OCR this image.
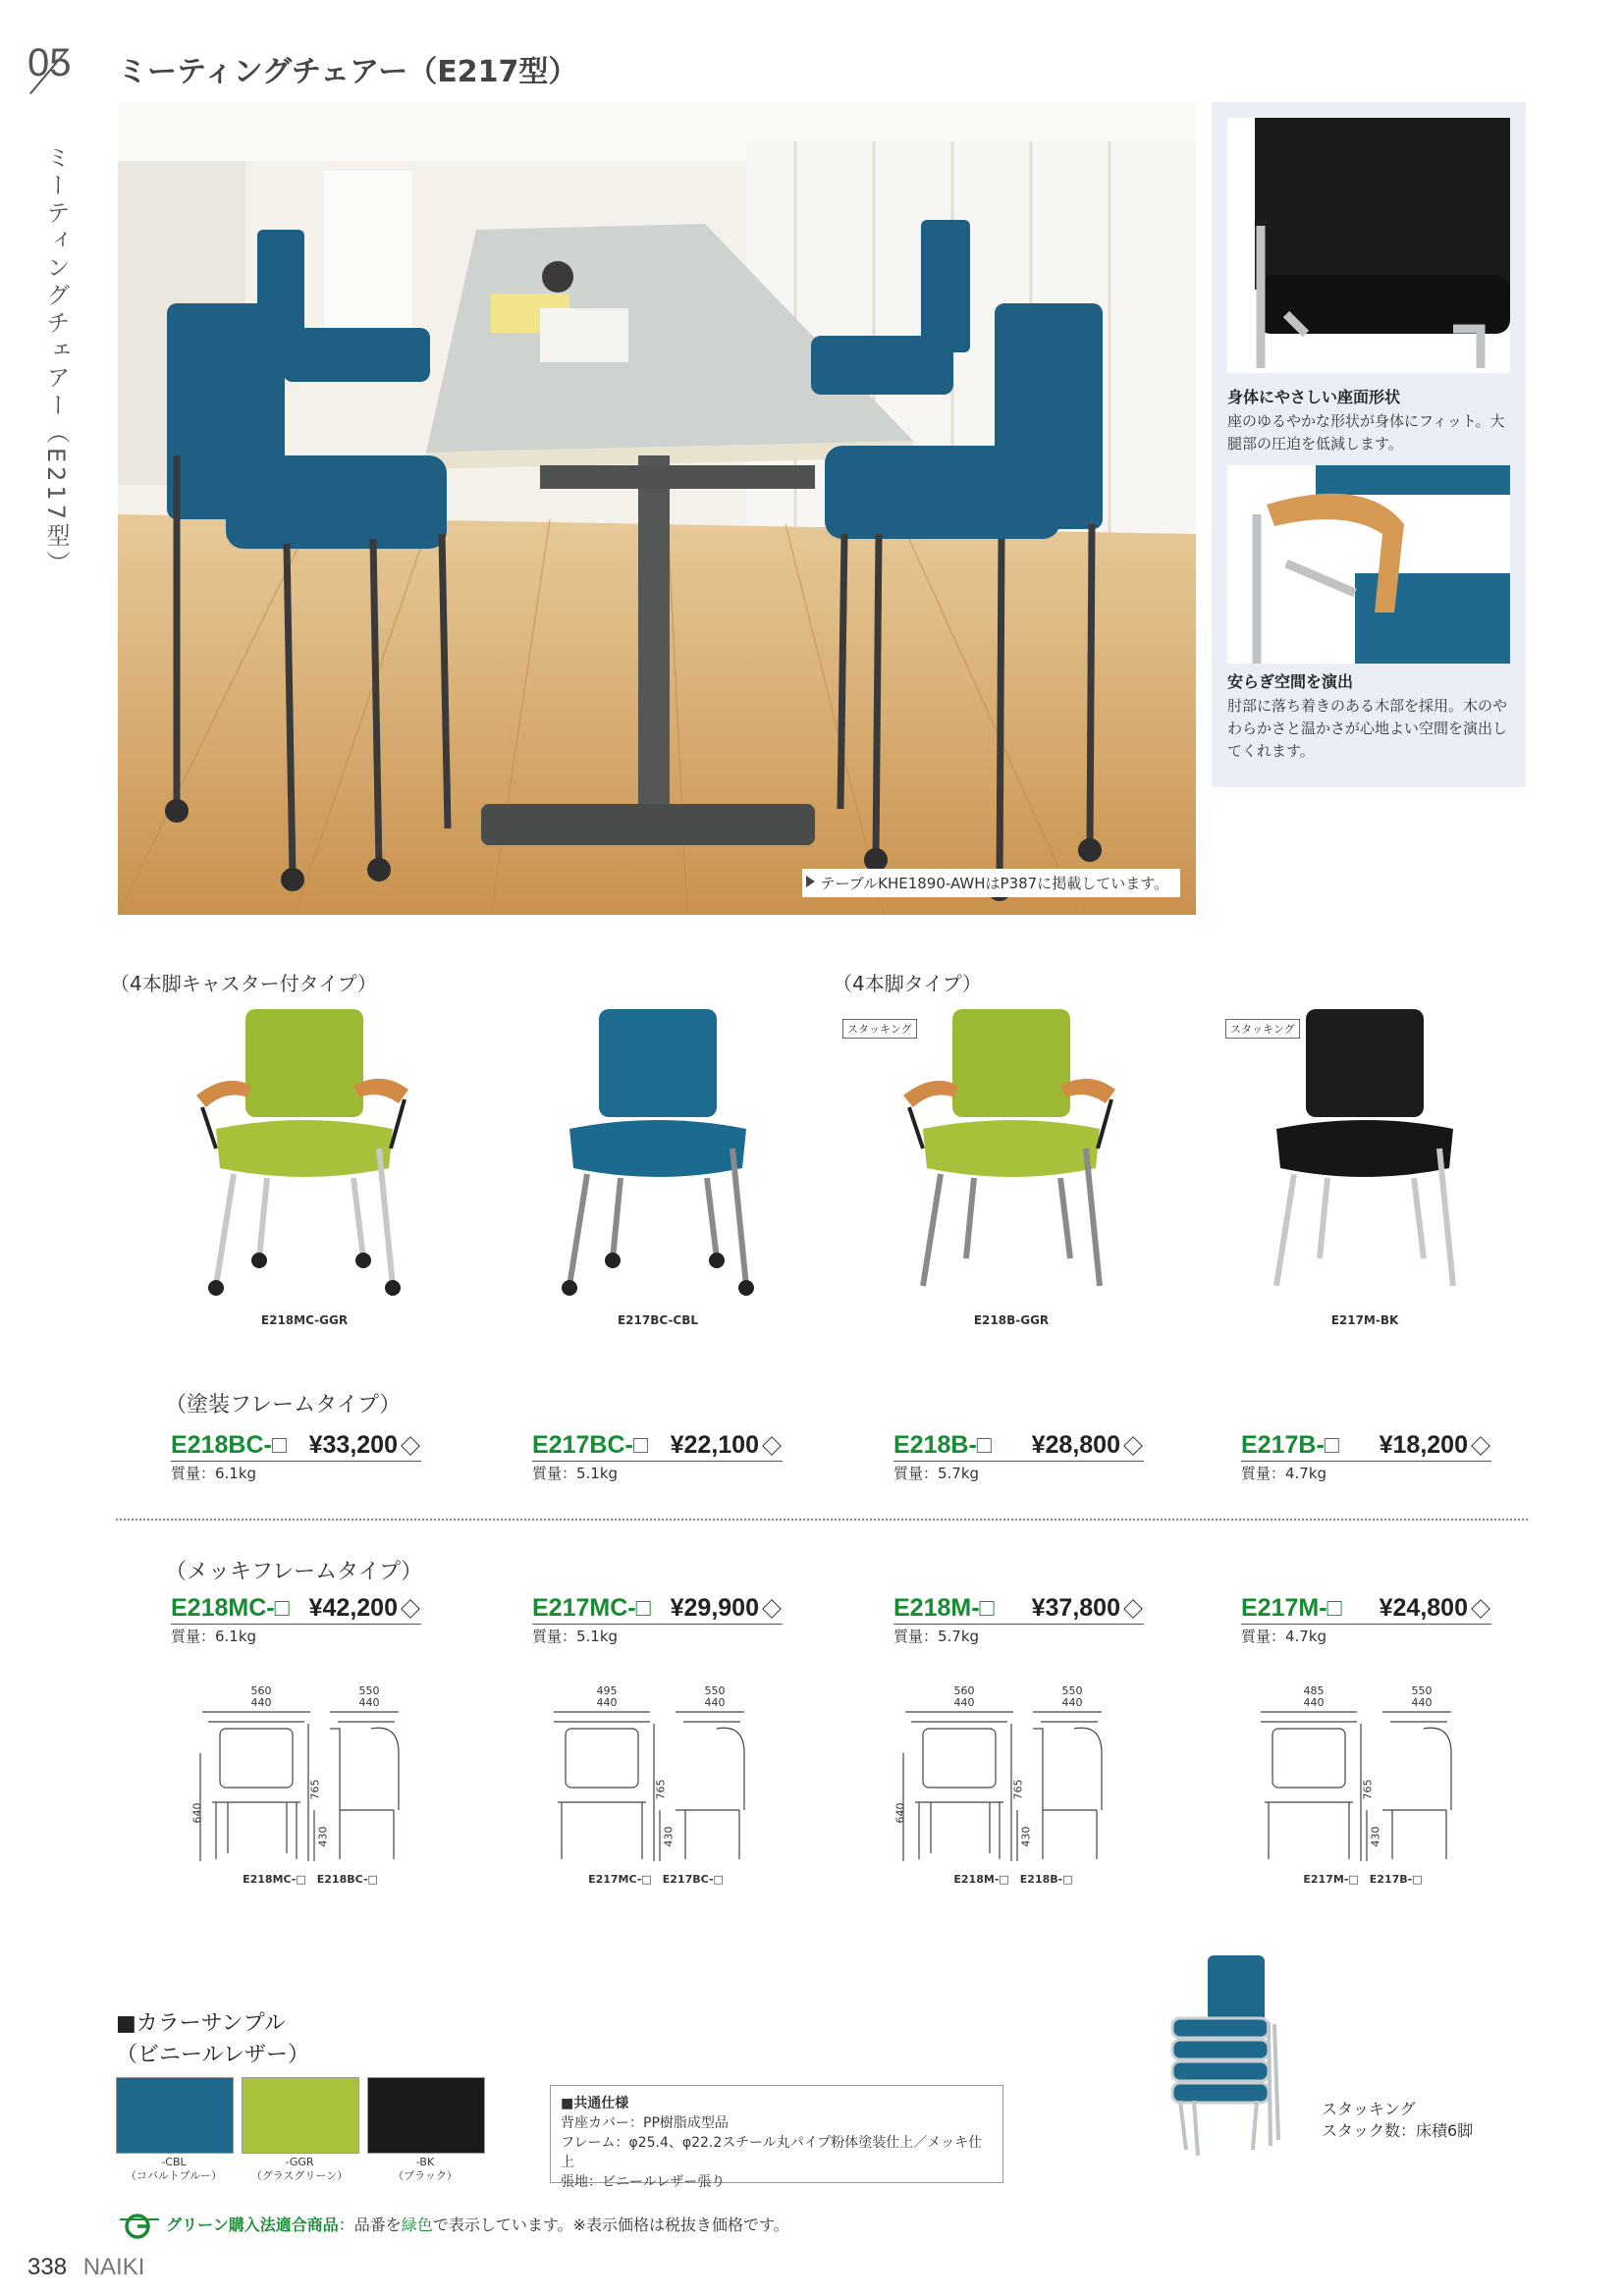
05
ミーティングチェアー（E217型）
ミーティングチェアー（E217型）
テーブルKHE1890-AWHはP387に掲載しています。
身体にやさしい座面形状
座のゆるやかな形状が身体にフィット。大腿部の圧迫を低減します。
安らぎ空間を演出
肘部に落ち着きのある木部を採用。木のやわらかさと温かさが心地よい空間を演出してくれます。
（4本脚キャスター付タイプ）	（4本脚タイプ）
スタッキング	スタッキング
E218MC-GGR	E217BC-CBL	E218B-GGR	E217M-BK
（塗装フレームタイプ）
E218BC-□ ¥33,200
質量：6.1kg
E217BC-□ ¥22,100
質量：5.1kg
E218B-□ ¥28,800
質量：5.7kg
E217B-□ ¥18,200
質量：4.7kg
（メッキフレームタイプ）
E218MC-□ ¥42,200
質量：6.1kg
E217MC-□ ¥29,900
質量：5.1kg
E218M-□ ¥37,800
質量：5.7kg
E217M-□ ¥24,800
質量：4.7kg
560
440
550
440
640
765
430
E218MC-□　E218BC-□
495
440
550
440
765
430
E217MC-□　E217BC-□
560
440
550
440
640
765
430
E218M-□　E218B-□
485
440
550
440
765
430
E217M-□　E217B-□
■カラーサンプル
（ビニールレザー）
-CBL
（コバルトブルー）
-GGR
（グラスグリーン）
-BK
（ブラック）
■共通仕様
背座カバー：PP樹脂成型品
フレーム：φ25.4、φ22.2スチール丸パイプ粉体塗装仕上／メッキ仕上
張地：ビニールレザー張り
スタッキング
スタック数：床積6脚
グリーン購入法適合商品：品番を緑色で表示しています。※表示価格は税抜き価格です。
338 NAIKI
